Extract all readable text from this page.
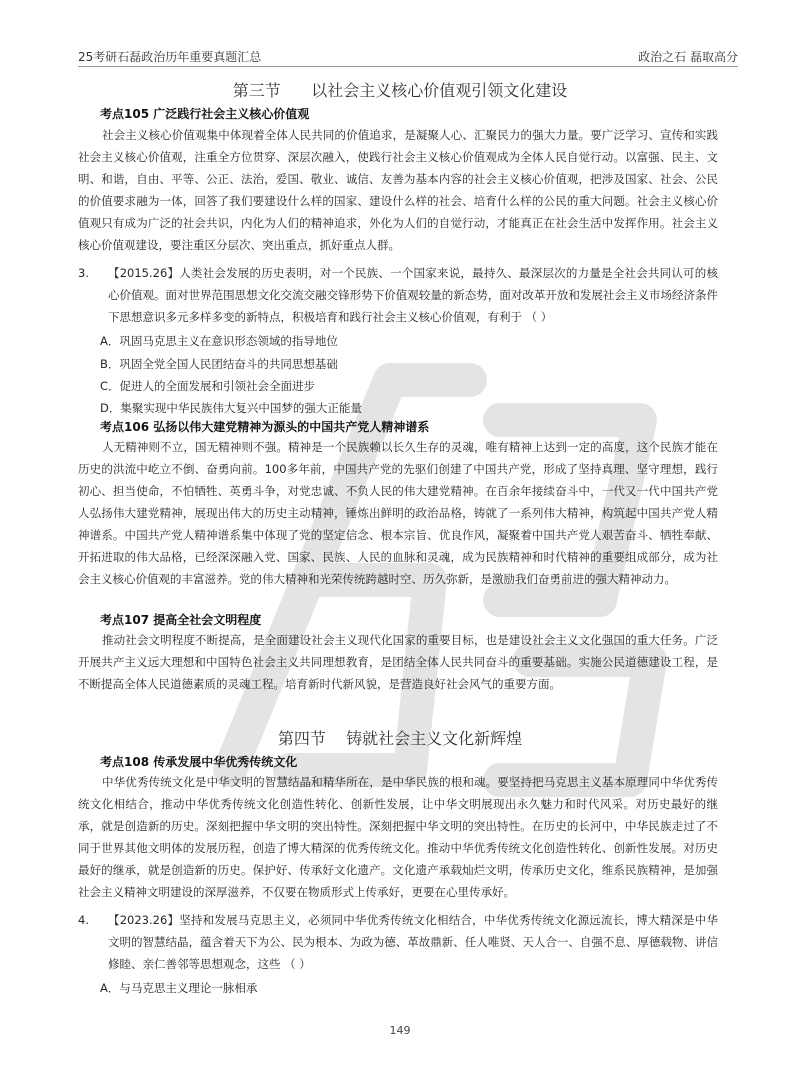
25考研石磊政治历年重要真题汇总	政治之石 磊取高分
第三节      以社会主义核心价值观引领文化建设
考点105 广泛践行社会主义核心价值观
社会主义核心价值观集中体现着全体人民共同的价值追求，是凝聚人心、汇聚民力的强大力量。要广泛学习、宣传和实践社会主义核心价值观，注重全方位贯穿、深层次融入，使践行社会主义核心价值观成为全体人民自觉行动。以富强、民主、文明、和谐，自由、平等、公正、法治，爱国、敬业、诚信、友善为基本内容的社会主义核心价值观，把涉及国家、社会、公民的价值要求融为一体，回答了我们要建设什么样的国家、建设什么样的社会、培育什么样的公民的重大问题。社会主义核心价值观只有成为广泛的社会共识，内化为人们的精神追求，外化为人们的自觉行动，才能真正在社会生活中发挥作用。社会主义核心价值观建设，要注重区分层次、突出重点，抓好重点人群。
3. 【2015.26】人类社会发展的历史表明，对一个民族、一个国家来说，最持久、最深层次的力量是全社会共同认可的核心价值观。面对世界范围思想文化交流交融交锋形势下价值观较量的新态势，面对改革开放和发展社会主义市场经济条件下思想意识多元多样多变的新特点，积极培育和践行社会主义核心价值观，有利于 （ ）
A．巩固马克思主义在意识形态领域的指导地位
B．巩固全党全国人民团结奋斗的共同思想基础
C．促进人的全面发展和引领社会全面进步
D．集聚实现中华民族伟大复兴中国梦的强大正能量
考点106 弘扬以伟大建党精神为源头的中国共产党人精神谱系
人无精神则不立，国无精神则不强。精神是一个民族赖以长久生存的灵魂，唯有精神上达到一定的高度，这个民族才能在历史的洪流中屹立不倒、奋勇向前。100多年前，中国共产党的先驱们创建了中国共产党，形成了坚持真理、坚守理想，践行初心、担当使命，不怕牺牲、英勇斗争，对党忠诚、不负人民的伟大建党精神。在百余年接续奋斗中，一代又一代中国共产党人弘扬伟大建党精神，展现出伟大的历史主动精神，锤炼出鲜明的政治品格，铸就了一系列伟大精神，构筑起中国共产党人精神谱系。中国共产党人精神谱系集中体现了党的坚定信念、根本宗旨、优良作风，凝聚着中国共产党人艰苦奋斗、牺牲奉献、开拓进取的伟大品格，已经深深融入党、国家、民族、人民的血脉和灵魂，成为民族精神和时代精神的重要组成部分，成为社会主义核心价值观的丰富滋养。党的伟大精神和光荣传统跨越时空、历久弥新，是激励我们奋勇前进的强大精神动力。
考点107 提高全社会文明程度
推动社会文明程度不断提高，是全面建设社会主义现代化国家的重要目标，也是建设社会主义文化强国的重大任务。广泛开展共产主义远大理想和中国特色社会主义共同理想教育，是团结全体人民共同奋斗的重要基础。实施公民道德建设工程，是不断提高全体人民道德素质的灵魂工程。培育新时代新风貌，是营造良好社会风气的重要方面。
第四节    铸就社会主义文化新辉煌
考点108 传承发展中华优秀传统文化
中华优秀传统文化是中华文明的智慧结晶和精华所在，是中华民族的根和魂。要坚持把马克思主义基本原理同中华优秀传统文化相结合，推动中华优秀传统文化创造性转化、创新性发展，让中华文明展现出永久魅力和时代风采。对历史最好的继承，就是创造新的历史。深刻把握中华文明的突出特性。深刻把握中华文明的突出特性。在历史的长河中，中华民族走过了不同于世界其他文明体的发展历程，创造了博大精深的优秀传统文化。推动中华优秀传统文化创造性转化、创新性发展。对历史最好的继承，就是创造新的历史。保护好、传承好文化遗产。文化遗产承载灿烂文明，传承历史文化，维系民族精神，是加强社会主义精神文明建设的深厚滋养，不仅要在物质形式上传承好，更要在心里传承好。
4. 【2023.26】坚持和发展马克思主义，必须同中华优秀传统文化相结合，中华优秀传统文化源远流长，博大精深是中华文明的智慧结晶，蕴含着天下为公、民为根本、为政为德、革故鼎新、任人唯贤、天人合一、自强不息、厚德载物、讲信修睦、亲仁善邻等思想观念，这些 （ ）
A．与马克思主义理论一脉相承
149
